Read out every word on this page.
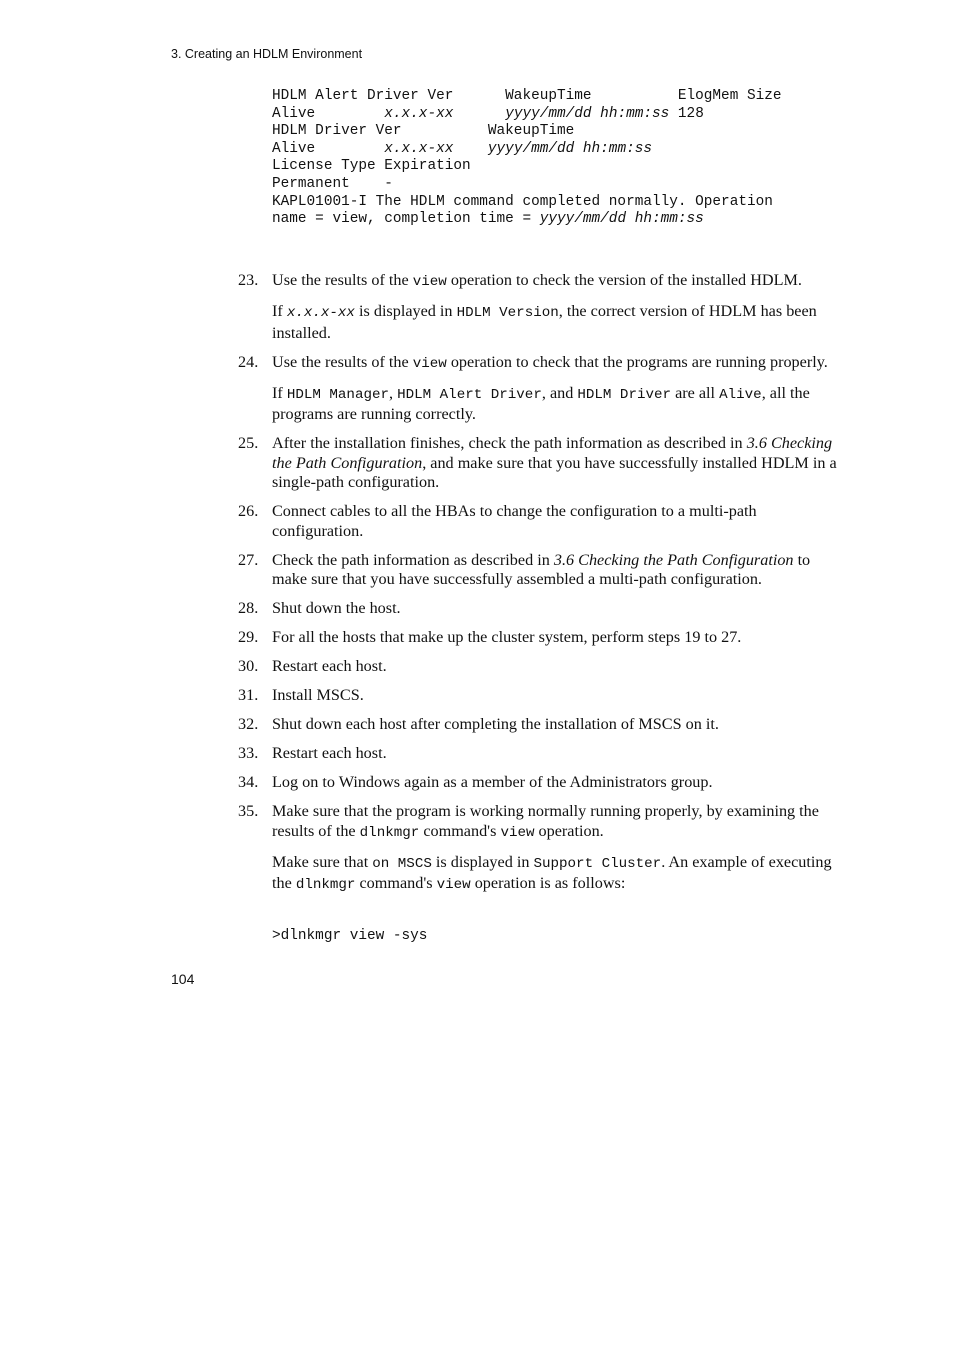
3. Creating an HDLM Environment
HDLM Alert Driver Ver      WakeupTime          ElogMem Size
Alive        x.x.x-xx	yyyy/mm/dd hh:mm:ss 128
HDLM Driver Ver          WakeupTime
Alive        x.x.x-xx yyyy/mm/dd hh:mm:ss
License Type Expiration
Permanent    -
KAPL01001-I The HDLM command completed normally. Operation
name = view, completion time = yyyy/mm/dd hh:mm:ss
23. Use the results of the view operation to check the version of the installed HDLM.

If x.x.x-xx is displayed in HDLM Version, the correct version of HDLM has been installed.

24. Use the results of the view operation to check that the programs are running properly.

If HDLM Manager, HDLM Alert Driver, and HDLM Driver are all Alive, all the programs are running correctly.

25. After the installation finishes, check the path information as described in 3.6 Checking the Path Configuration, and make sure that you have successfully installed HDLM in a single-path configuration.

26. Connect cables to all the HBAs to change the configuration to a multi-path configuration.

27. Check the path information as described in 3.6 Checking the Path Configuration to make sure that you have successfully assembled a multi-path configuration.

28. Shut down the host.

29. For all the hosts that make up the cluster system, perform steps 19 to 27.

30. Restart each host.

31. Install MSCS.

32. Shut down each host after completing the installation of MSCS on it.

33. Restart each host.

34. Log on to Windows again as a member of the Administrators group.

35. Make sure that the program is working normally running properly, by examining the results of the dlnkmgr command's view operation.

Make sure that on MSCS is displayed in Support Cluster. An example of executing the dlnkmgr command's view operation is as follows:

>dlnkmgr view -sys
104
